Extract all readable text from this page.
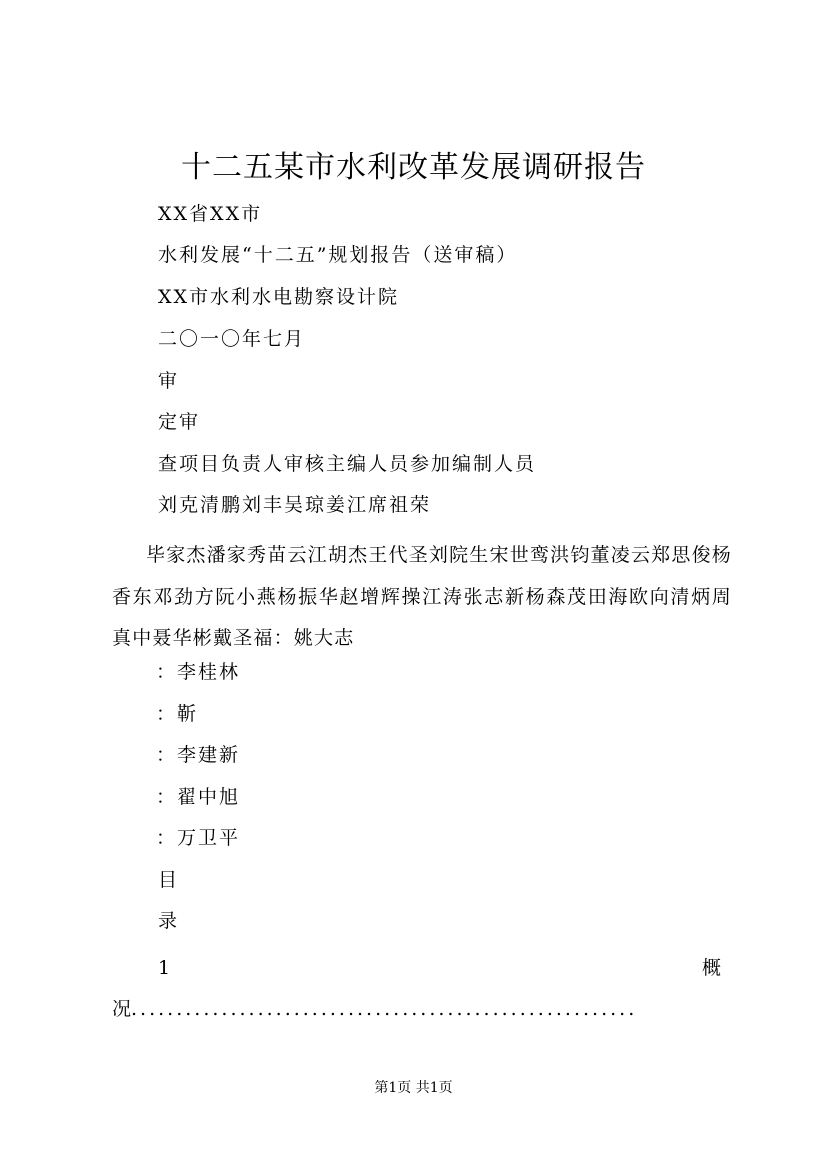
十二五某市水利改革发展调研报告
XX省XX市
水利发展“十二五”规划报告（送审稿）
XX市水利水电勘察设计院
二〇一〇年七月
审
定审
查项目负责人审核主编人员参加编制人员
刘克清鹏刘丰吴琼姜江席祖荣
毕家杰潘家秀苗云江胡杰王代圣刘院生宋世鸾洪钧董凌云郑思俊杨香东邓劲方阮小燕杨振华赵增辉操江涛张志新杨森茂田海欧向清炳周真中聂华彬戴圣福：姚大志
：李桂林
：靳
：李建新
：翟中旭
：万卫平
目
录
1	概
况........................................................
第1页 共1页
